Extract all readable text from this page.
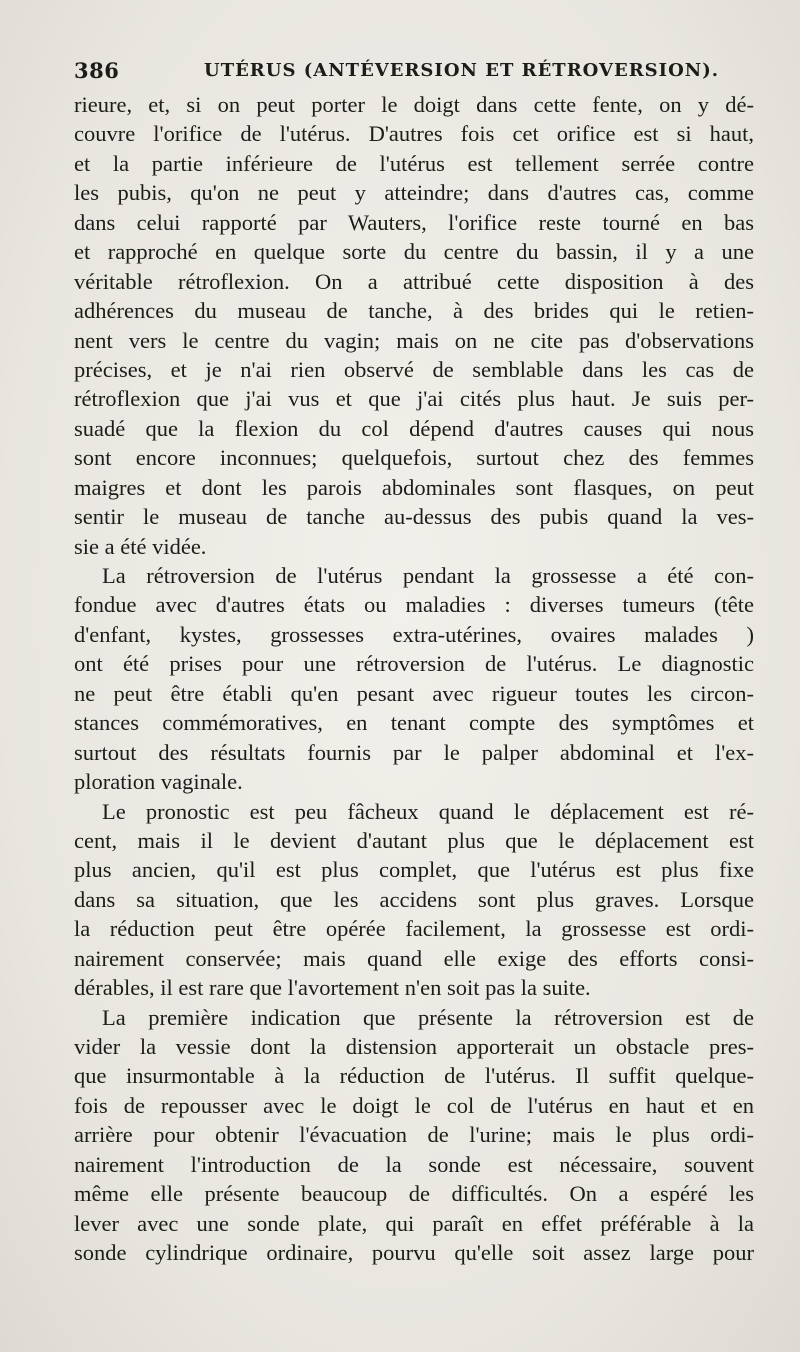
386	UTÉRUS (ANTÉVERSION ET RÉTROVERSION).
rieure, et, si on peut porter le doigt dans cette fente, on y dé-
couvre l'orifice de l'utérus. D'autres fois cet orifice est si haut,
et la partie inférieure de l'utérus est tellement serrée contre
les pubis, qu'on ne peut y atteindre; dans d'autres cas, comme
dans celui rapporté par Wauters, l'orifice reste tourné en bas
et rapproché en quelque sorte du centre du bassin, il y a une
véritable rétroflexion. On a attribué cette disposition à des
adhérences du museau de tanche, à des brides qui le retien-
nent vers le centre du vagin; mais on ne cite pas d'observations
précises, et je n'ai rien observé de semblable dans les cas de
rétroflexion que j'ai vus et que j'ai cités plus haut. Je suis per-
suadé que la flexion du col dépend d'autres causes qui nous
sont encore inconnues; quelquefois, surtout chez des femmes
maigres et dont les parois abdominales sont flasques, on peut
sentir le museau de tanche au-dessus des pubis quand la ves-
sie a été vidée.
La rétroversion de l'utérus pendant la grossesse a été con-
fondue avec d'autres états ou maladies : diverses tumeurs (tête
d'enfant, kystes, grossesses extra-utérines, ovaires malades )
ont été prises pour une rétroversion de l'utérus. Le diagnostic
ne peut être établi qu'en pesant avec rigueur toutes les circon-
stances commémoratives, en tenant compte des symptômes et
surtout des résultats fournis par le palper abdominal et l'ex-
ploration vaginale.
Le pronostic est peu fâcheux quand le déplacement est ré-
cent, mais il le devient d'autant plus que le déplacement est
plus ancien, qu'il est plus complet, que l'utérus est plus fixe
dans sa situation, que les accidens sont plus graves. Lorsque
la réduction peut être opérée facilement, la grossesse est ordi-
nairement conservée; mais quand elle exige des efforts consi-
dérables, il est rare que l'avortement n'en soit pas la suite.
La première indication que présente la rétroversion est de
vider la vessie dont la distension apporterait un obstacle pres-
que insurmontable à la réduction de l'utérus. Il suffit quelque-
fois de repousser avec le doigt le col de l'utérus en haut et en
arrière pour obtenir l'évacuation de l'urine; mais le plus ordi-
nairement l'introduction de la sonde est nécessaire, souvent
même elle présente beaucoup de difficultés. On a espéré les
lever avec une sonde plate, qui paraît en effet préférable à la
sonde cylindrique ordinaire, pourvu qu'elle soit assez large pour
